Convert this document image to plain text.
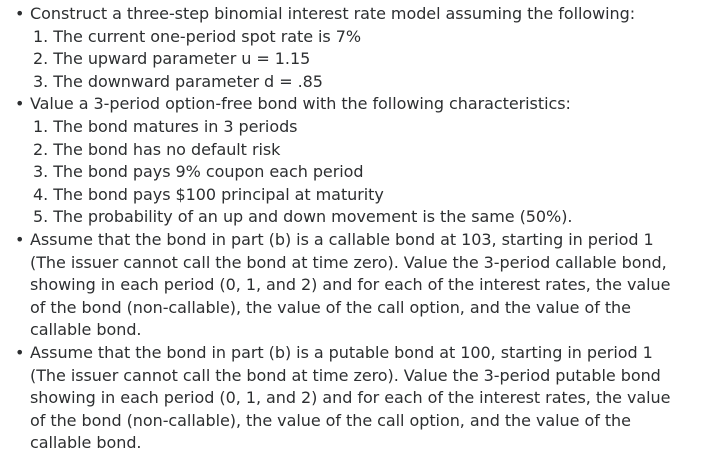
• Construct a three-step binomial interest rate model assuming the following:
1. The current one-period spot rate is 7%
2. The upward parameter u = 1.15
3. The downward parameter d = .85
• Value a 3-period option-free bond with the following characteristics:
1. The bond matures in 3 periods
2. The bond has no default risk
3. The bond pays 9% coupon each period
4. The bond pays $100 principal at maturity
5. The probability of an up and down movement is the same (50%).
• Assume that the bond in part (b) is a callable bond at 103, starting in period 1
(The issuer cannot call the bond at time zero). Value the 3-period callable bond,
showing in each period (0, 1, and 2) and for each of the interest rates, the value
of the bond (non-callable), the value of the call option, and the value of the
callable bond.
• Assume that the bond in part (b) is a putable bond at 100, starting in period 1
(The issuer cannot call the bond at time zero). Value the 3-period putable bond
showing in each period (0, 1, and 2) and for each of the interest rates, the value
of the bond (non-callable), the value of the call option, and the value of the
callable bond.
